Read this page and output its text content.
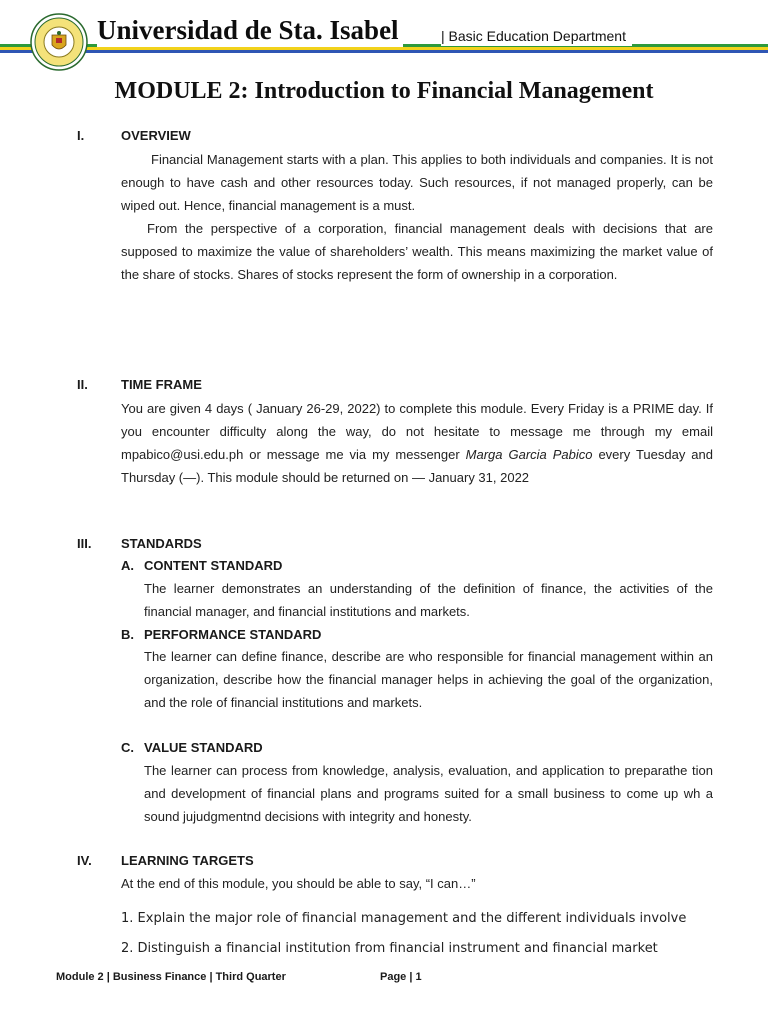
Universidad de Sta. Isabel	| Basic Education Department
MODULE 2: Introduction to Financial Management
I.	OVERVIEW
Financial Management starts with a plan. This applies to both individuals and companies. It is not enough to have cash and other resources today. Such resources, if not managed properly, can be wiped out. Hence, financial management is a must.
From the perspective of a corporation, financial management deals with decisions that are supposed to maximize the value of shareholders’ wealth. This means maximizing the market value of the share of stocks. Shares of stocks represent the form of ownership in a corporation.
II.	TIME FRAME
You are given 4 days ( January 26-29, 2022) to complete this module. Every Friday is a PRIME day. If you encounter difficulty along the way, do not hesitate to message me through my email mpabico@usi.edu.ph or message me via my messenger Marga Garcia Pabico every Tuesday and Thursday (—). This module should be returned on — January 31, 2022
III. STANDARDS
A. CONTENT STANDARD
The learner demonstrates an understanding of the definition of finance, the activities of the financial manager, and financial institutions and markets.
B. PERFORMANCE STANDARD
The learner can define finance, describe are who responsible for financial management within an organization, describe how the financial manager helps in achieving the goal of the organization, and the role of financial institutions and markets.
C. VALUE STANDARD
The learner can process from knowledge, analysis, evaluation, and application to preparathe tion and development of financial plans and programs suited for a small business to come up wh a sound jujudgmentnd decisions with integrity and honesty.
IV. LEARNING TARGETS
At the end of this module, you should be able to say, “I can…”
1. Explain the major role of financial management and the different individuals involve
2. Distinguish a financial institution from financial instrument and financial market
Module 2 | Business Finance | Third Quarter	Page | 1
